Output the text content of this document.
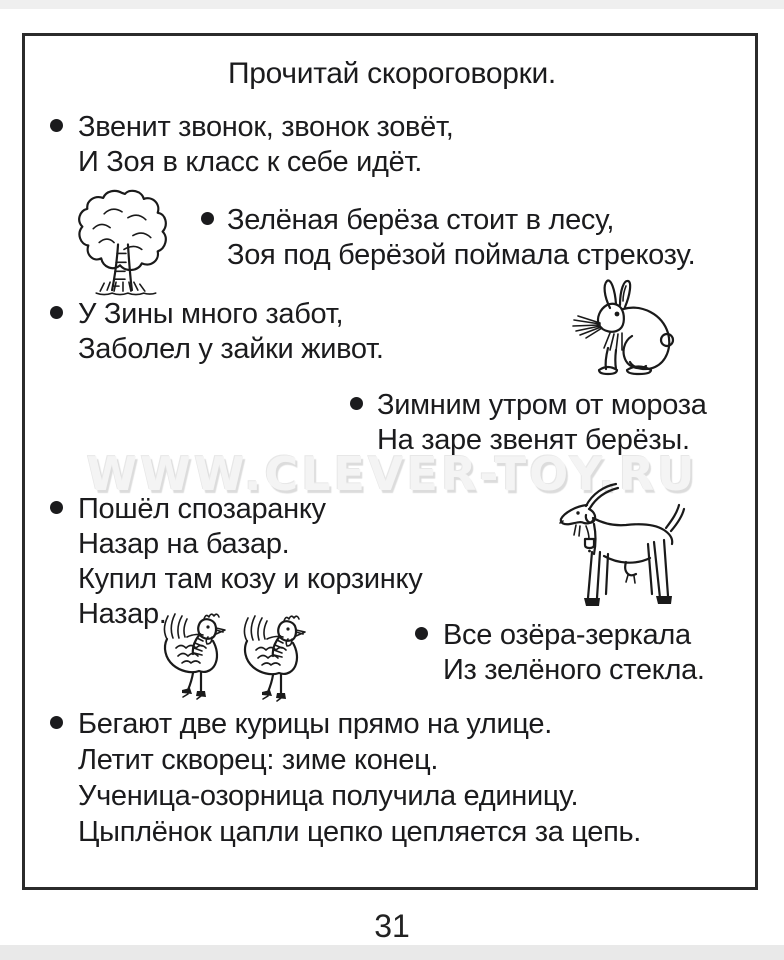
Прочитай скороговорки.
WWW.CLEVER-TOY.RU
Звенит звонок, звонок зовёт,
И Зоя в класс к себе идёт.
Зелёная берёза стоит в лесу,
Зоя под берёзой поймала стрекозу.
У Зины много забот,
Заболел у зайки живот.
Зимним утром от мороза
На заре звенят берёзы.
Пошёл спозаранку
Назар на базар.
Купил там козу и корзинку
Назар.
Все озёра-зеркала
Из зелёного стекла.
Бегают две курицы прямо на улице.
Летит скворец: зиме конец.
Ученица-озорница получила единицу.
Цыплёнок цапли цепко цепляется за цепь.
31
